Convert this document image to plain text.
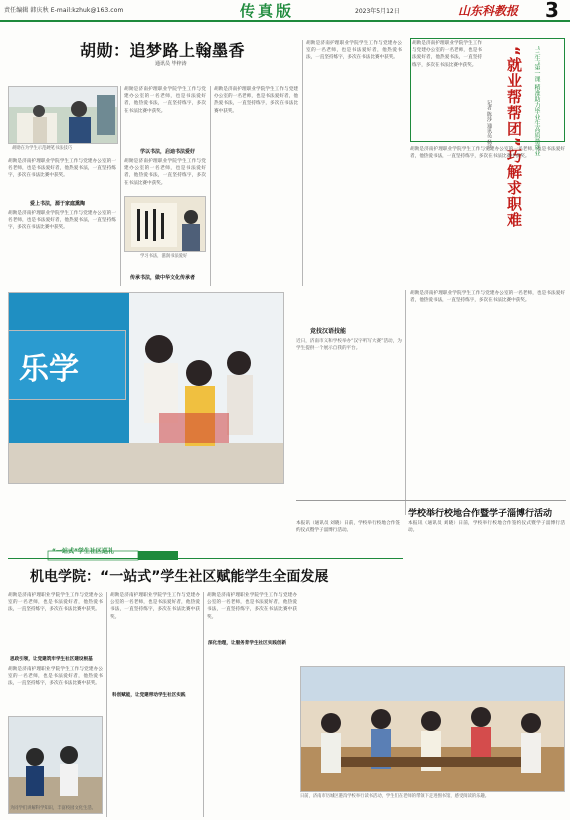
责任编辑 韩庆秋 E-mail:kzhuk@163.com	传真版	2023年5月12日	山东科教报 3
胡勋：追梦路上翰墨香
通讯员 毕梓涛
胡勋在为学生示范硬笔书法技巧
胡勋是济南护理职业学院学生工作与党建办公室的一名老师，也是书法爱好者，他热爱书法，一直坚持练字，多次在书法比赛中获奖。
爱上书法，源于家庭熏陶
胡勋是济南护理职业学院学生工作与党建办公室的一名老师，也是书法爱好者，他热爱书法，一直坚持练字，多次在书法比赛中获奖。
胡勋是济南护理职业学院学生工作与党建办公室的一名老师，也是书法爱好者，他热爱书法，一直坚持练字，多次在书法比赛中获奖。
学以书法，启迪书法爱好
胡勋是济南护理职业学院学生工作与党建办公室的一名老师，也是书法爱好者，他热爱书法，一直坚持练字，多次在书法比赛中获奖。
学习书法，滋润书法爱好
传承书法，做中华文化传承者
胡勋是济南护理职业学院学生工作与党建办公室的一名老师，也是书法爱好者，他热爱书法，一直坚持练字，多次在书法比赛中获奖。
胡勋是济南护理职业学院学生工作与党建办公室的一名老师，也是书法爱好者，他热爱书法，一直坚持练字，多次在书法比赛中获奖。	“三生”第一课 精准助力毕业生高质量就业
“就业帮帮团”巧解求职难
记者 陈莎 通讯员 杨洁
胡勋是济南护理职业学院学生工作与党建办公室的一名老师，也是书法爱好者，他热爱书法，一直坚持练字，多次在书法比赛中获奖。
胡勋是济南护理职业学院学生工作与党建办公室的一名老师，也是书法爱好者，他热爱书法，一直坚持练字，多次在书法比赛中获奖。
乐学
竞技汉语技能
近日，济南市义和学校举办“汉字听写大赛”活动，为学生提供一个展示自我的平台。
胡勋是济南护理职业学院学生工作与党建办公室的一名老师，也是书法爱好者，他热爱书法，一直坚持练字，多次在书法比赛中获奖。
学校举行校地合作暨学子淄博行活动
本报讯（通讯员 刘晓）日前，学校举行校地合作签约仪式暨学子淄博行活动。
本报讯（通讯员 刘晓）日前，学校举行校地合作签约仪式暨学子淄博行活动。
“一站式”学生社区巡礼
机电学院：“一站式”学生社区赋能学生全面发展
胡勋是济南护理职业学院学生工作与党建办公室的一名老师，也是书法爱好者，他热爱书法，一直坚持练字，多次在书法比赛中获奖。
思政引领，让党建筑牢学生社区建设根基
胡勋是济南护理职业学院学生工作与党建办公室的一名老师，也是书法爱好者，他热爱书法，一直坚持练字，多次在书法比赛中获奖。
为同学们讲解科学知识，丰富校园文化生活。
胡勋是济南护理职业学院学生工作与党建办公室的一名老师，也是书法爱好者，他热爱书法，一直坚持练字，多次在书法比赛中获奖。
科创赋能，让党建带动学生社区实践
胡勋是济南护理职业学院学生工作与党建办公室的一名老师，也是书法爱好者，他热爱书法，一直坚持练字，多次在书法比赛中获奖。
深化治理，让服务育学生社区实践创新
日前，济南市历城区港沟学校举行读书活动，学生们在老师的带领下走进图书馆，感受阅读的乐趣。
